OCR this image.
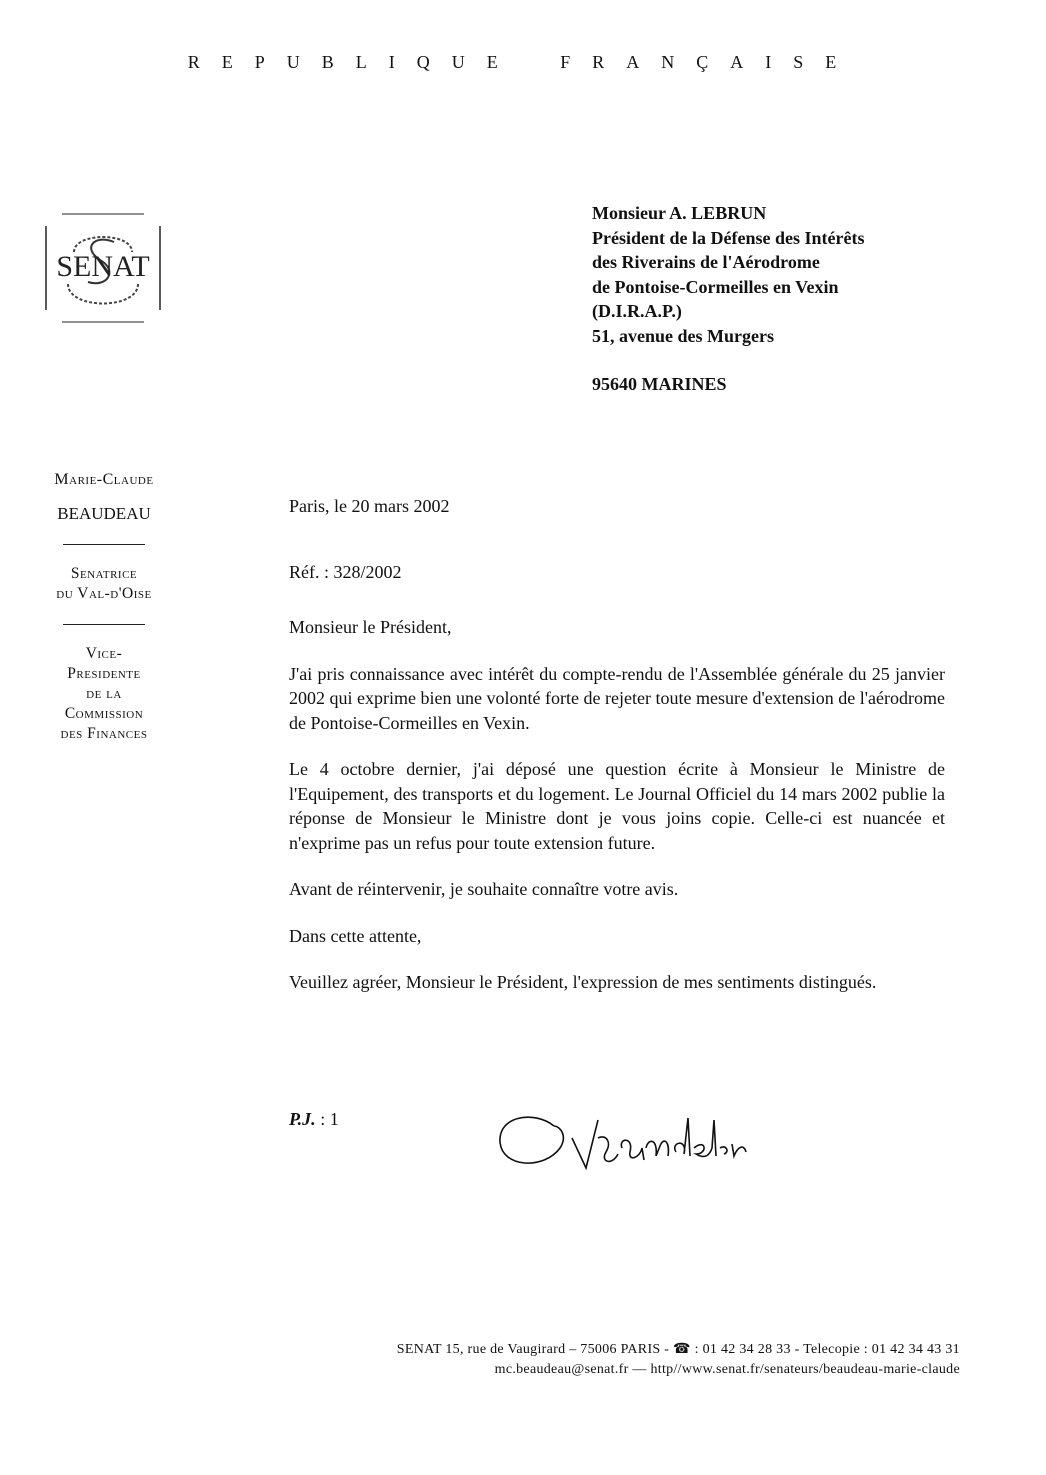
REPUBLIQUE FRANÇAISE
SENAT
Marie-Claude
BEAUDEAU
Senatrice
du Val-d'Oise
Vice-
Presidente
de la
Commission
des Finances
Monsieur A. LEBRUN
Président de la Défense des Intérêts
des Riverains de l'Aérodrome
de Pontoise-Cormeilles en Vexin
(D.I.R.A.P.)
51, avenue des Murgers
95640 MARINES

Paris, le 20 mars 2002

Réf. : 328/2002

Monsieur le Président,

J'ai pris connaissance avec intérêt du compte-rendu de l'Assemblée générale du 25 janvier 2002 qui exprime bien une volonté forte de rejeter toute mesure d'extension de l'aérodrome de Pontoise-Cormeilles en Vexin.

Le 4 octobre dernier, j'ai déposé une question écrite à Monsieur le Ministre de l'Equipement, des transports et du logement. Le Journal Officiel du 14 mars 2002 publie la réponse de Monsieur le Ministre dont je vous joins copie. Celle-ci est nuancée et n'exprime pas un refus pour toute extension future.

Avant de réintervenir, je souhaite connaître votre avis.

Dans cette attente,

Veuillez agréer, Monsieur le Président, l'expression de mes sentiments distingués.

P.J. : 1
SENAT 15, rue de Vaugirard – 75006 PARIS - ☎ : 01 42 34 28 33 - Telecopie : 01 42 34 43 31
mc.beaudeau@senat.fr — http//www.senat.fr/senateurs/beaudeau-marie-claude
